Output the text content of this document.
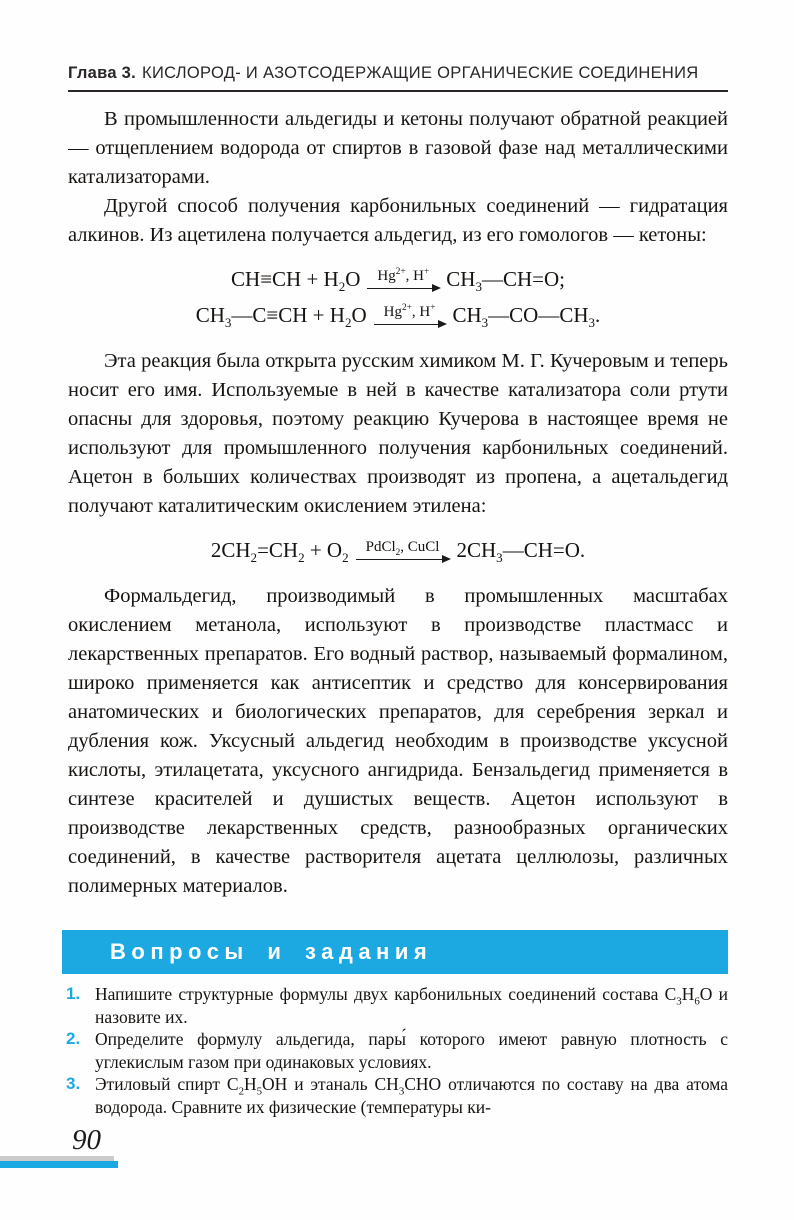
Глава 3. КИСЛОРОД- И АЗОТСОДЕРЖАЩИЕ ОРГАНИЧЕСКИЕ СОЕДИНЕНИЯ

В промышленности альдегиды и кетоны получают обратной реакцией — отщеплением водорода от спиртов в газовой фазе над металлическими катализаторами.

Другой способ получения карбонильных соединений — гидратация алкинов. Из ацетилена получается альдегид, из его гомологов — кетоны:

$CH\equiv CH + H_2O$	$Hg^{2+}$, H+ $CH_3—CH=O$;
$CH_3—C\equiv CH + H_2O$	$Hg^{2+}$, H+ $CH_3—CO—CH_3$.

Эта реакция была открыта русским химиком М. Г. Кучеровым и теперь носит его имя. Используемые в ней в качестве катализатора соли ртути опасны для здоровья, поэтому реакцию Кучерова в настоящее время не используют для промышленного получения карбонильных соединений. Ацетон в больших количествах производят из пропена, а ацетальдегид получают каталитическим окислением этилена:

$2CH_2=CH_2 + O_2$
PdCl$_2$, CuCl $2CH_3—CH=O$.

Формальдегид, производимый в промышленных масштабах окислением метанола, используют в производстве пластмасс и лекарственных препаратов. Его водный раствор, называемый формалином, широко применяется как антисептик и средство для консервирования анатомических и биологических препаратов, для серебрения зеркал и дубления кож. Уксусный альдегид необходим в производстве уксусной кислоты, этилацетата, уксусного ангидрида. Бензальдегид применяется в синтезе красителей и душистых веществ. Ацетон используют в производстве лекарственных средств, разнообразных органических соединений, в качестве растворителя ацетата целлюлозы, различных полимерных материалов.

Вопросы и задания
1. Напишите структурные формулы двух карбонильных соединений состава $C_3H_6O$ и назовите их.
2. Определите формулу альдегида, пары́ которого имеют равную плотность с углекислым газом при одинаковых условиях.
3. Этиловый спирт $C_2H_5OH$ и этаналь $CH_3CHO$ отличаются по составу на два атома водорода. Сравните их физические (температуры ки-
90
